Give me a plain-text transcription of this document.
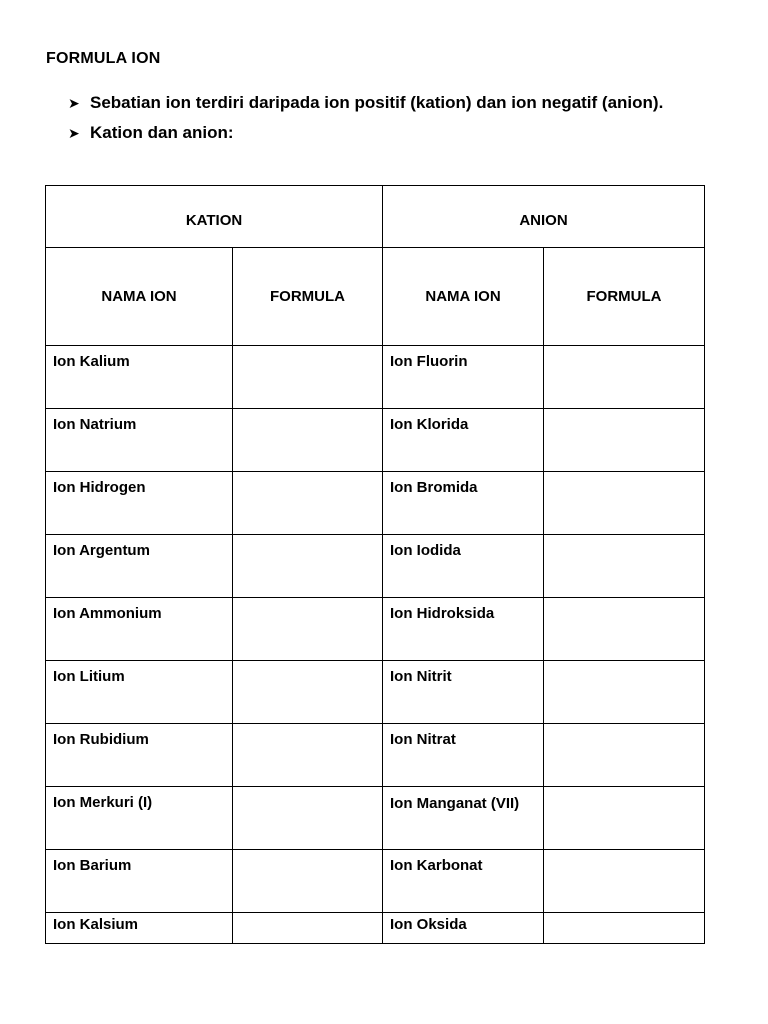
FORMULA ION
➤ Sebatian ion terdiri daripada ion positif (kation) dan ion negatif (anion).
➤ Kation dan anion:
KATION		ANION	
NAMA ION	FORMULA	NAMA ION	FORMULA
Ion Kalium		Ion Fluorin	
Ion Natrium		Ion Klorida	
Ion Hidrogen		Ion Bromida	
Ion Argentum		Ion Iodida	
Ion Ammonium		Ion Hidroksida	
Ion Litium		Ion Nitrit	
Ion Rubidium		Ion Nitrat	
Ion Merkuri (I)		Ion Manganat (VII)	
Ion Barium		Ion Karbonat	
Ion Kalsium		Ion Oksida	
